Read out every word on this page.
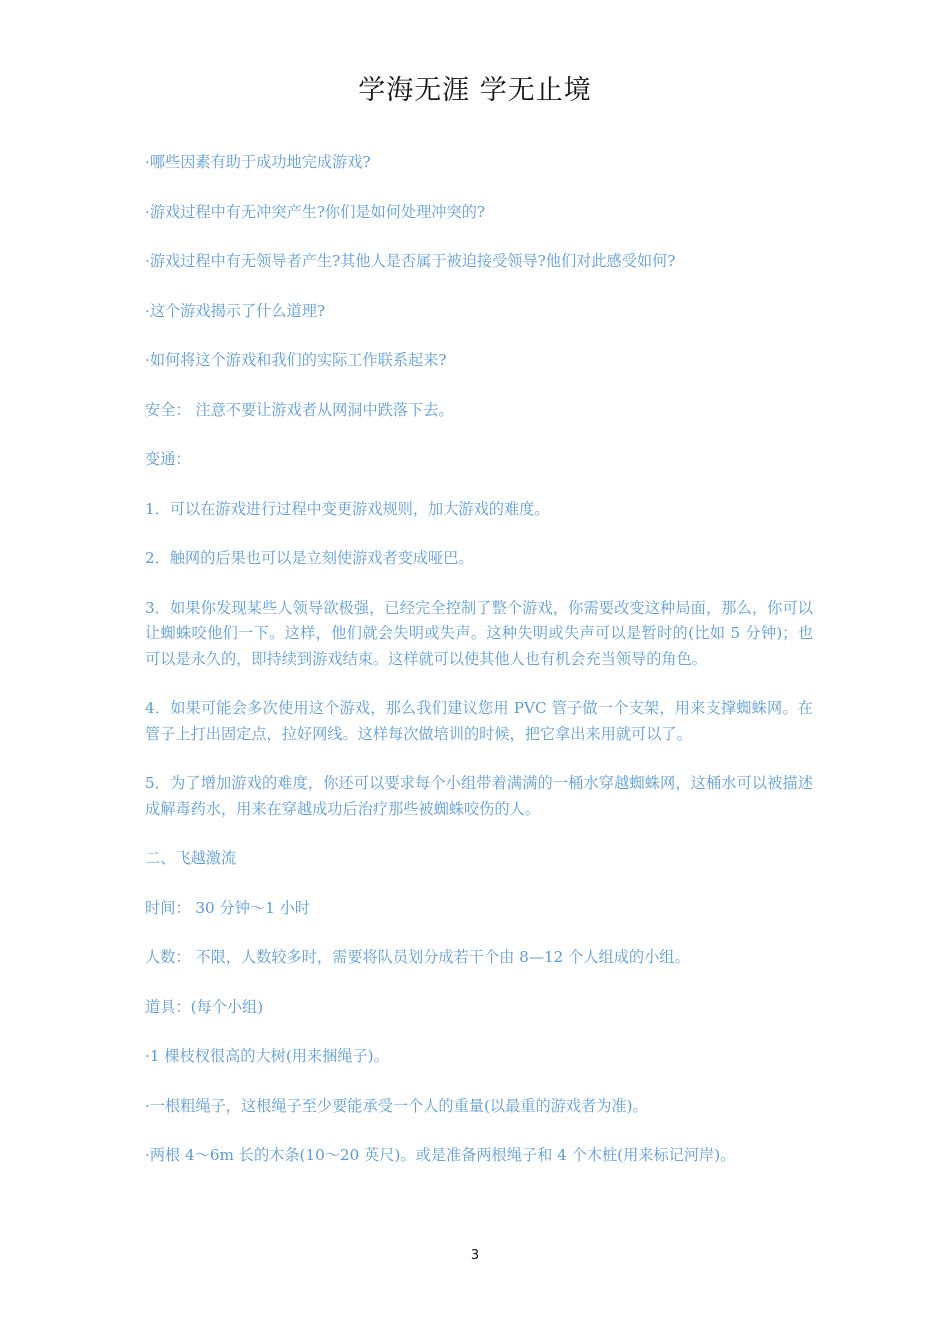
学海无涯 学无止境

·哪些因素有助于成功地完成游戏?

·游戏过程中有无冲突产生?你们是如何处理冲突的?

·游戏过程中有无领导者产生?其他人是否属于被迫接受领导?他们对此感受如何?

·这个游戏揭示了什么道理?

·如何将这个游戏和我们的实际工作联系起来?

安全： 注意不要让游戏者从网洞中跌落下去。

变通：

1．可以在游戏进行过程中变更游戏规则，加大游戏的难度。

2．触网的后果也可以是立刻使游戏者变成哑巴。

3．如果你发现某些人领导欲极强，已经完全控制了整个游戏，你需要改变这种局面，那么，你可以让蜘蛛咬他们一下。这样，他们就会失明或失声。这种失明或失声可以是暂时的(比如 5 分钟)；也可以是永久的，即持续到游戏结束。这样就可以使其他人也有机会充当领导的角色。

4．如果可能会多次使用这个游戏，那么我们建议您用 PVC 管子做一个支架，用来支撑蜘蛛网。在管子上打出固定点，拉好网线。这样每次做培训的时候，把它拿出来用就可以了。

5．为了增加游戏的难度，你还可以要求每个小组带着满满的一桶水穿越蜘蛛网，这桶水可以被描述成解毒药水，用来在穿越成功后治疗那些被蜘蛛咬伤的人。

二、飞越激流

时间： 30 分钟～1 小时

人数： 不限，人数较多时，需要将队员划分成若干个由 8—12 个人组成的小组。

道具：(每个小组)

·1 棵枝杈很高的大树(用来捆绳子)。

·一根粗绳子，这根绳子至少要能承受一个人的重量(以最重的游戏者为准)。

·两根 4～6m 长的木条(10～20 英尺)。或是准备两根绳子和 4 个木桩(用来标记河岸)。

3
